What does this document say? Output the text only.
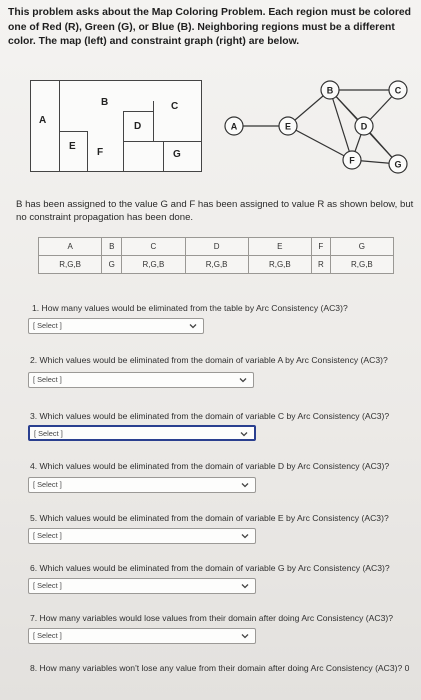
This problem asks about the Map Coloring Problem. Each region must be colored one of Red (R), Green (G), or Blue (B). Neighboring regions must be a different color. The map (left) and constraint graph (right) are below.
A
B	C
D
E
F	G
A
B	C
D
E
F	G
B has been assigned to the value G and F has been assigned to value R as shown below, but no constraint propagation has been done.
A	B	C	D	E	F	G
R,G,B	G	R,G,B	R,G,B	R,G,B	R	R,G,B
1. How many values would be eliminated from the table by Arc Consistency (AC3)?
[ Select ]
2. Which values would be eliminated from the domain of variable A by Arc Consistency (AC3)?
[ Select ]
3. Which values would be eliminated from the domain of variable C by Arc Consistency (AC3)?
[ Select ]
4. Which values would be eliminated from the domain of variable D by Arc Consistency (AC3)?
[ Select ]
5. Which values would be eliminated from the domain of variable E by Arc Consistency (AC3)?
[ Select ]
6. Which values would be eliminated from the domain of variable G by Arc Consistency (AC3)?
[ Select ]
7. How many variables would lose values from their domain after doing Arc Consistency (AC3)?
[ Select ]
8. How many variables won't lose any value from their domain after doing Arc Consistency (AC3)? 0
